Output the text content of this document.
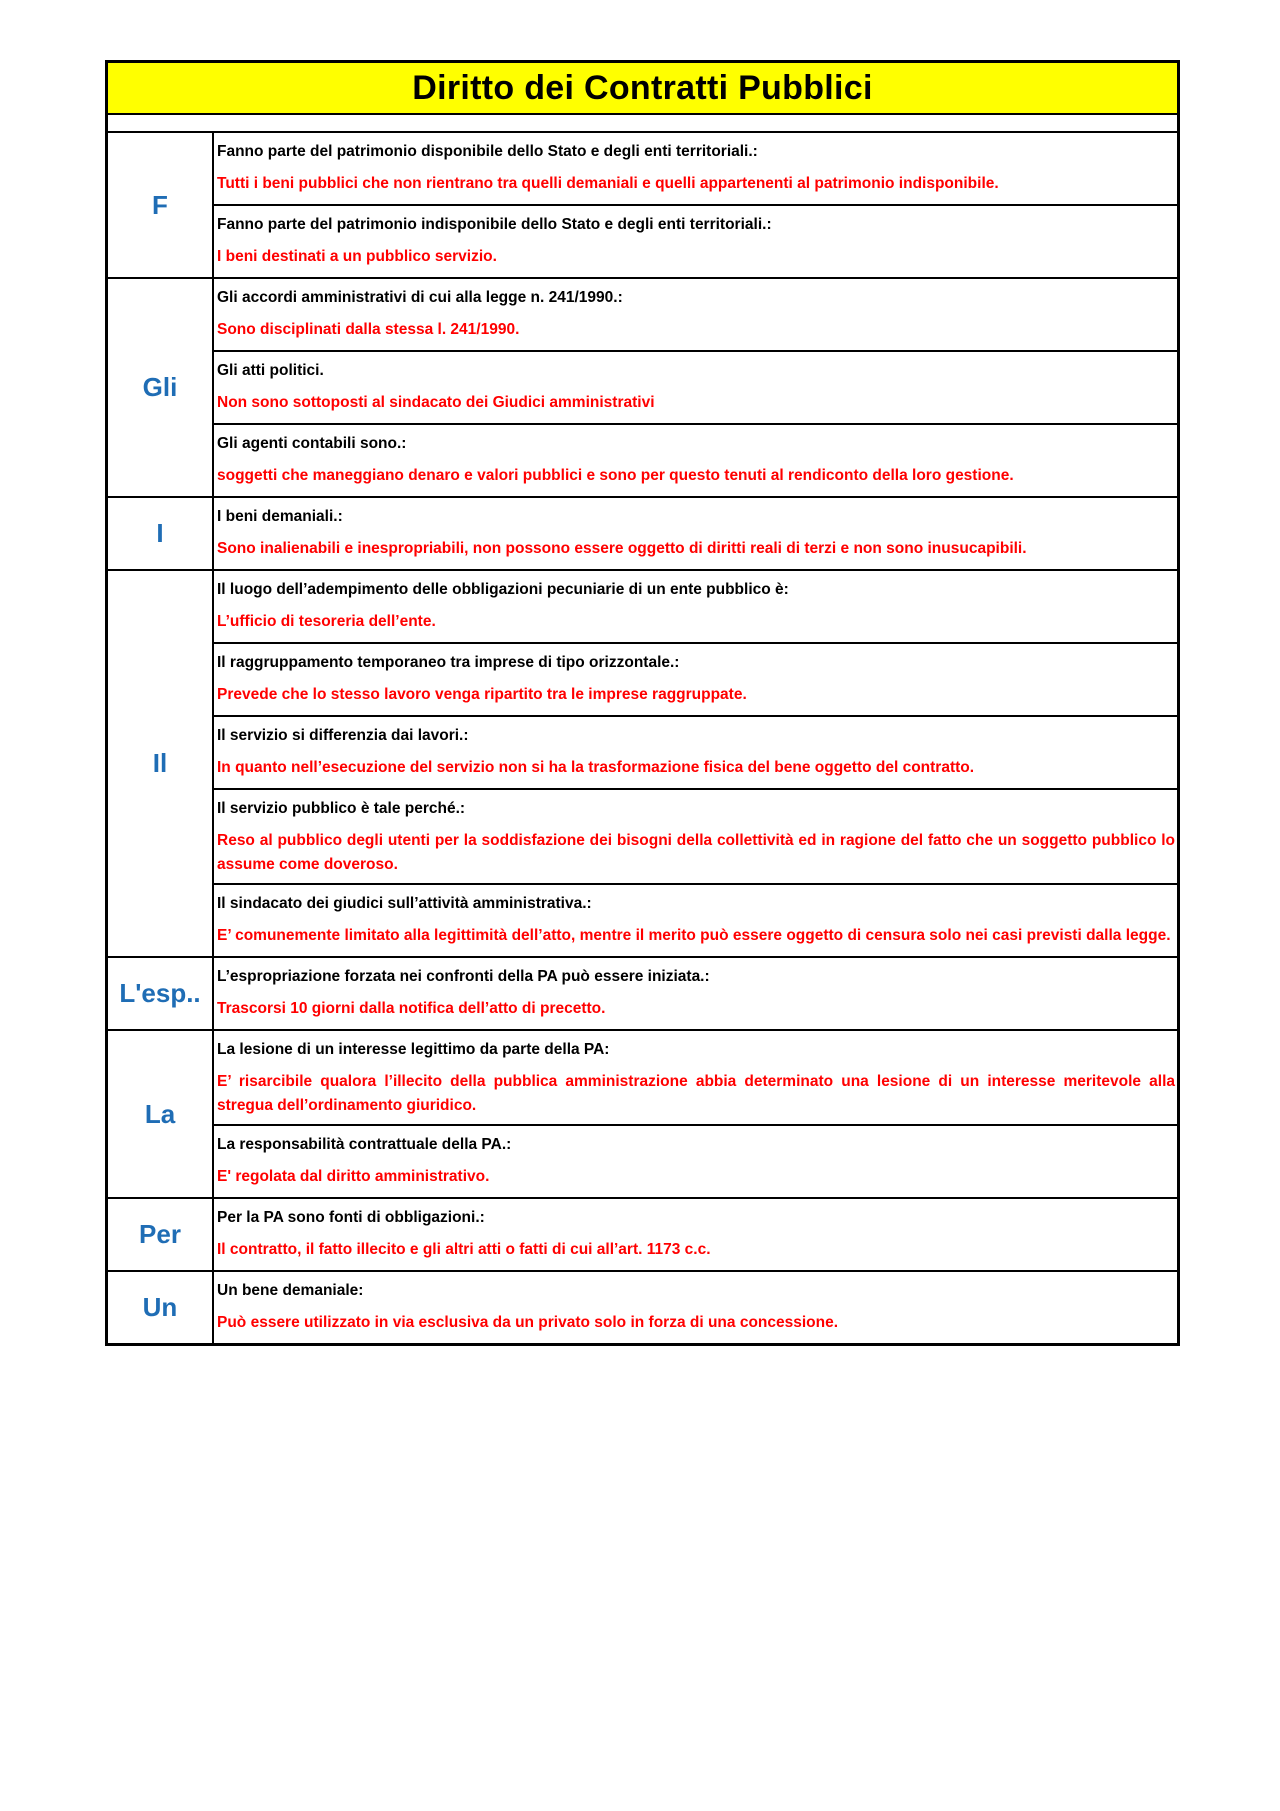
Diritto dei Contratti Pubblici
F
Fanno parte del patrimonio disponibile dello Stato e degli enti territoriali.:
Tutti i beni pubblici che non rientrano tra quelli demaniali e quelli appartenenti al patrimonio indisponibile.
Fanno parte del patrimonio indisponibile dello Stato e degli enti territoriali.:
I beni destinati a un pubblico servizio.
Gli
Gli accordi amministrativi di cui alla legge n. 241/1990.:
Sono disciplinati dalla stessa l. 241/1990.
Gli atti politici.
Non sono sottoposti al sindacato dei Giudici amministrativi
Gli agenti contabili sono.:
soggetti che maneggiano denaro e valori pubblici e sono per questo tenuti al rendiconto della loro gestione.
I
I beni demaniali.:
Sono inalienabili e inespropriabili, non possono essere oggetto di diritti reali di terzi e non sono inusucapibili.
Il
Il luogo dell’adempimento delle obbligazioni pecuniarie di un ente pubblico è:
L’ufficio di tesoreria dell’ente.
Il raggruppamento temporaneo tra imprese di tipo orizzontale.:
Prevede che lo stesso lavoro venga ripartito tra le imprese raggruppate.
Il servizio si differenzia dai lavori.:
In quanto nell’esecuzione del servizio non si ha la trasformazione fisica del bene oggetto del contratto.
Il servizio pubblico è tale perché.:
Reso al pubblico degli utenti per la soddisfazione dei bisogni della collettività ed in ragione del fatto che un soggetto pubblico lo assume come doveroso.
Il sindacato dei giudici sull’attività amministrativa.:
E’ comunemente limitato alla legittimità dell’atto, mentre il merito può essere oggetto di censura solo nei casi previsti dalla legge.
L'esp..
L’espropriazione forzata nei confronti della PA può essere iniziata.:
Trascorsi 10 giorni dalla notifica dell’atto di precetto.
La
La lesione di un interesse legittimo da parte della PA:
E’ risarcibile qualora l’illecito della pubblica amministrazione abbia determinato una lesione di un interesse meritevole alla stregua dell’ordinamento giuridico.
La responsabilità contrattuale della PA.:
E' regolata dal diritto amministrativo.
Per
Per la PA sono fonti di obbligazioni.:
Il contratto, il fatto illecito e gli altri atti o fatti di cui all’art. 1173 c.c.
Un
Un bene demaniale:
Può essere utilizzato in via esclusiva da un privato solo in forza di una concessione.
